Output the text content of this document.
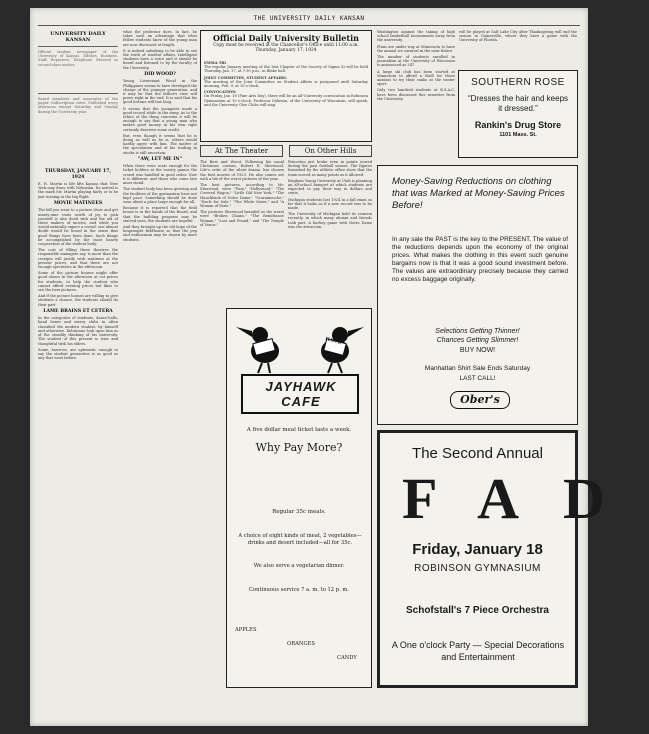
THE UNIVERSITY DAILY KANSAN
UNIVERSITY DAILY KANSAN
Official student newspaper of the University of Kansas. Editors. Business. Staff. Reporters. Telephone. Entered as second-class matter.
Board members and associates of the paper. Subscription rates. Published every afternoon except Saturday and Sunday during the University year.
THURSDAY, JANUARY 17, 1924

E. H. Martin is life lifts Kansas that New York may draw with Nebraska. Its arrival is the mark Mr. Martin playing fairly or is he just turning in the big flight.

MOVIE MATINEES

The bill you went to a picture show and get ninety-nine cents worth of joy to pick yourself is also dealt with and the aid of these makers of movies, and while you would naturally expect a crowd, one almost doubt would be heard in the sense that good things have been done. Such things be accomplished by the most hearty cooperation of the student body.

The cost of filling these theatres the responsible managers say, is more than the receipts will justify with matinees at the present prices, and that there are not enough spectators in the afternoon.

Some of the picture houses might offer good shows in the afternoon at cut prices for students, to help the student who cannot afford evening prices but likes to see the best pictures.

And if the picture houses are willing to give students a chance, the students should do their part.

LAME BRAINS ET CETERA

In the categories of students, dance-halls, band boxes and merry clubs in often classified the modern student, by himself and otherwise. Robinsons look upon him as of the steadily thinking of his university. The student of this present is wise and thoughtful with his elders.

Some, however, are optimistic enough to say the student generation is as good as any that went before.

what the professor does. In fact, he takes such an advantage that what fellow students know of the young man are now discussed at length.

It is indeed satisfying to be able to see the truth of student affairs. Intelligent students have a voice and it should be heard and listened to by the faculty of the University.

DID WOOD?

Young Lieutenant Wood in the Philippines seems to have developed the charge of the younger generation, and it may be that the father's view will prove right in the end. It is said that his good fortune will last long.

It seems that the youngster made a good record while in the army. As to the ethics of the thing concerns it will be enough to say that a young man who makes good money in his own right certainly deserves some credit.

But, even though it seems that he is doing as well as he is, others would hardly agree with him. The matter of the speculation and of his trading in stocks is still uncertain.

"AW, LET ME IN"

When there were seats enough for the ticket holders at the varsity games the crowd was handled in good order. Now it is different, and those who come late must stand.

The student body has been growing and the facilities of the gymnasium have not kept pace. Something should be done soon about a place large enough for all.

Because it is reported that the field house is in the hands of the Board, and that the building program may be started soon, the students are hopeful.

And they brought up the old hope of the longsought fieldhouse so that the pep and enthusiasm may be shown by more students.

Official Daily University Bulletin
Copy must be received at the Chancellor's Office until 11:00 a.m.
Thursday, January 17, 1924
EMMA TRI

The regular January meeting of the Iota Chapter of the Society of Sigma Xi will be held Thursday, Jan. 17, at 7:30 p.m., in Blake hall.

JOINT COMMITTEE, STUDENT AFFAIRS:

The meeting of the Joint Committee on Student Affairs is postponed until Saturday morning, Feb. 9, at 10 o'clock.

CONVOCATION:

On Friday, Jan. 18 (Fine Arts Day), there will be an all-University convocation in Robinson Gymnasium at 10 o'clock. Professor Dykema, of the University of Wisconsin, will speak, and the University Glee Clubs will sing.

At The Theater	On Other Hills

The Best and Worst. Following his usual Christmas custom, Robert E. Sherwood, Life's critic of the silent drama, has chosen the best movies of 1923. He also comes out with a list of the worst pictures of the year.

The best pictures, according to Mr. Sherwood, were "Fury," "Hollywood," "The Covered Wagon," "Little Old New York," "The Hunchback of Notre Dame," "Scaramouche," "Souls for Sale," "The White Sister," and "A Woman of Paris."

The pictures Sherwood branded as the worst were "Broken Chains," "The Remittance Woman," "Lost and Found," and "The Temple of Venus."

Princeton just broke even in points scored during the past football season. The figures furnished by the athletic office show that the team scored as many points as it allowed.

Brigham Young University at Utah is planning an all-school banquet at which students are expected to pay their way in dollars and cents.

Michigan students lost 1924 in a fall exam so far that it looks as if a new record was to be made.

The University of Michigan held its reunion recently, in which many alumni and friends took part. A hockey game with Notre Dame was the attraction.

RAH	HAWK
JAYHAWK CAFE
A five dollar meal ticket lasts a week.
Why Pay More?
Regular 35c meals.
A choice of eight kinds of meat, 2 vegetables— drinks and desert included—all for 35c.
We also serve a vegetarian dinner.
Continuous service 7 a. m. to 12 p. m.
APPLES
ORANGES
CANDY

Washington against the taking of high school basketball tournaments away from the university.

Plans are under way at Minnesota to have the annual ice carnival in the near future.

The number of students enrolled in journalism at the University of Wisconsin is announced as 247.

A large ski club has been started at Minnesota to afford a thrill for those anxious to try their ranks at the winter sport.

Only two hundred students at K.S.A.C. have been discussed this semester from the University.

will be played at Salt Lake City after Thanksgiving will end the season in Gainesville, where they have a game with the University of Florida.

SOUTHERN ROSE
“Dresses the hair and keeps it dressed.”
Rankin's Drug Store
1101 Mass. St.
Money-Saving Reductions on clothing that was Marked at Money-Saving Prices Before!
In any sale the PAST is the key to the PRESENT. The value of the reductions depends upon the economy of the original prices. What makes the clothing in this event such genuine bargains now is that it was a good sound investment before. The values are extraordinary precisely because they carried no excess baggage originally.
Selections Getting Thinner!
Chances Getting Slimmer!
BUY NOW!
Manhattan Shirt Sale Ends Saturday
LAST CALL!
Ober's
The Second Annual
FAD
Friday, January 18
ROBINSON GYMNASIUM
Schofstall's 7 Piece Orchestra
A One o'clock Party — Special Decorations and Entertainment
